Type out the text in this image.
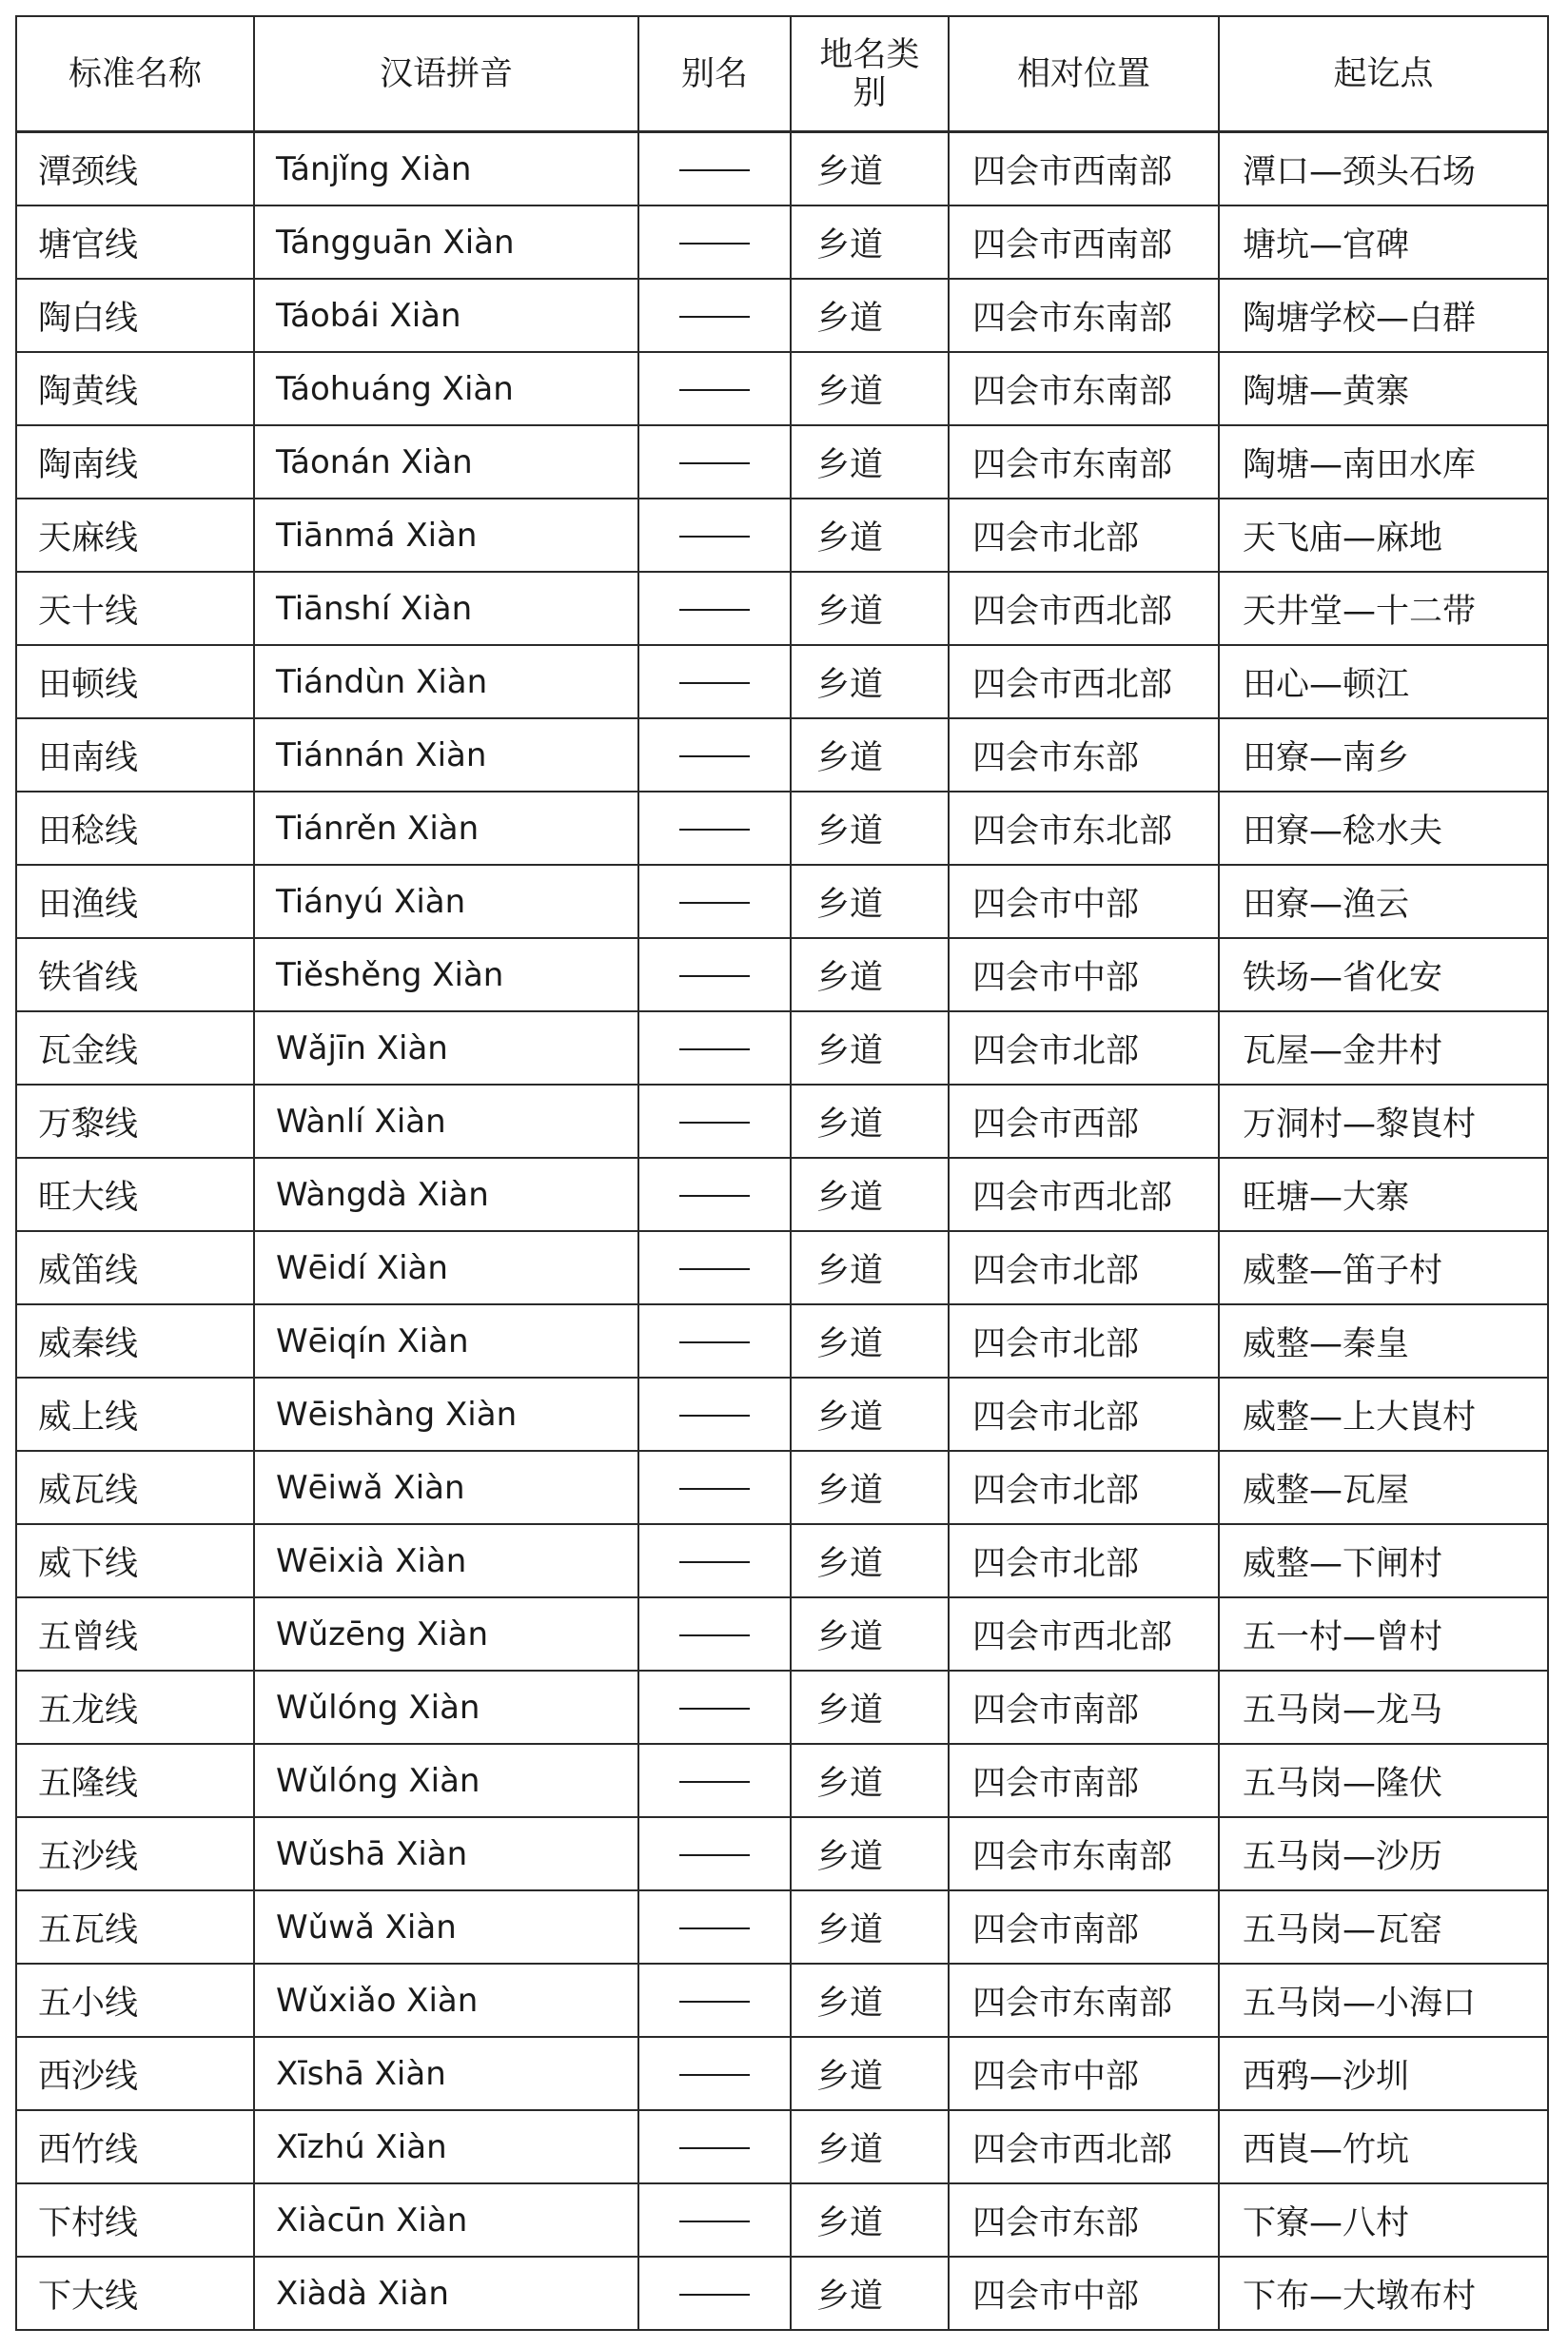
标准名称	汉语拼音	别名	地名类别	相对位置	起讫点
潭颈线	Tánjǐng Xiàn		乡道	四会市西南部	潭口—颈头石场
塘官线	Tángguān Xiàn		乡道	四会市西南部	塘坑—官碑
陶白线	Táobái Xiàn		乡道	四会市东南部	陶塘学校—白群
陶黄线	Táohuáng Xiàn		乡道	四会市东南部	陶塘—黄寨
陶南线	Táonán Xiàn		乡道	四会市东南部	陶塘—南田水库
天麻线	Tiānmá Xiàn		乡道	四会市北部	天飞庙—麻地
天十线	Tiānshí Xiàn		乡道	四会市西北部	天井堂—十二带
田顿线	Tiándùn Xiàn		乡道	四会市西北部	田心—顿江
田南线	Tiánnán Xiàn		乡道	四会市东部	田寮—南乡
田稔线	Tiánrěn Xiàn		乡道	四会市东北部	田寮—稔水夫
田渔线	Tiányú Xiàn		乡道	四会市中部	田寮—渔云
铁省线	Tiěshěng Xiàn		乡道	四会市中部	铁场—省化安
瓦金线	Wǎjīn Xiàn		乡道	四会市北部	瓦屋—金井村
万黎线	Wànlí Xiàn		乡道	四会市西部	万洞村—黎崀村
旺大线	Wàngdà Xiàn		乡道	四会市西北部	旺塘—大寨
威笛线	Wēidí Xiàn		乡道	四会市北部	威整—笛子村
威秦线	Wēiqín Xiàn		乡道	四会市北部	威整—秦皇
威上线	Wēishàng Xiàn		乡道	四会市北部	威整—上大崀村
威瓦线	Wēiwǎ Xiàn		乡道	四会市北部	威整—瓦屋
威下线	Wēixià Xiàn		乡道	四会市北部	威整—下闸村
五曾线	Wǔzēng Xiàn		乡道	四会市西北部	五一村—曾村
五龙线	Wǔlóng Xiàn		乡道	四会市南部	五马岗—龙马
五隆线	Wǔlóng Xiàn		乡道	四会市南部	五马岗—隆伏
五沙线	Wǔshā Xiàn		乡道	四会市东南部	五马岗—沙历
五瓦线	Wǔwǎ Xiàn		乡道	四会市南部	五马岗—瓦窑
五小线	Wǔxiǎo Xiàn		乡道	四会市东南部	五马岗—小海口
西沙线	Xīshā Xiàn		乡道	四会市中部	西鸦—沙圳
西竹线	Xīzhú Xiàn		乡道	四会市西北部	西崀—竹坑
下村线	Xiàcūn Xiàn		乡道	四会市东部	下寮—八村
下大线	Xiàdà Xiàn		乡道	四会市中部	下布—大墩布村
